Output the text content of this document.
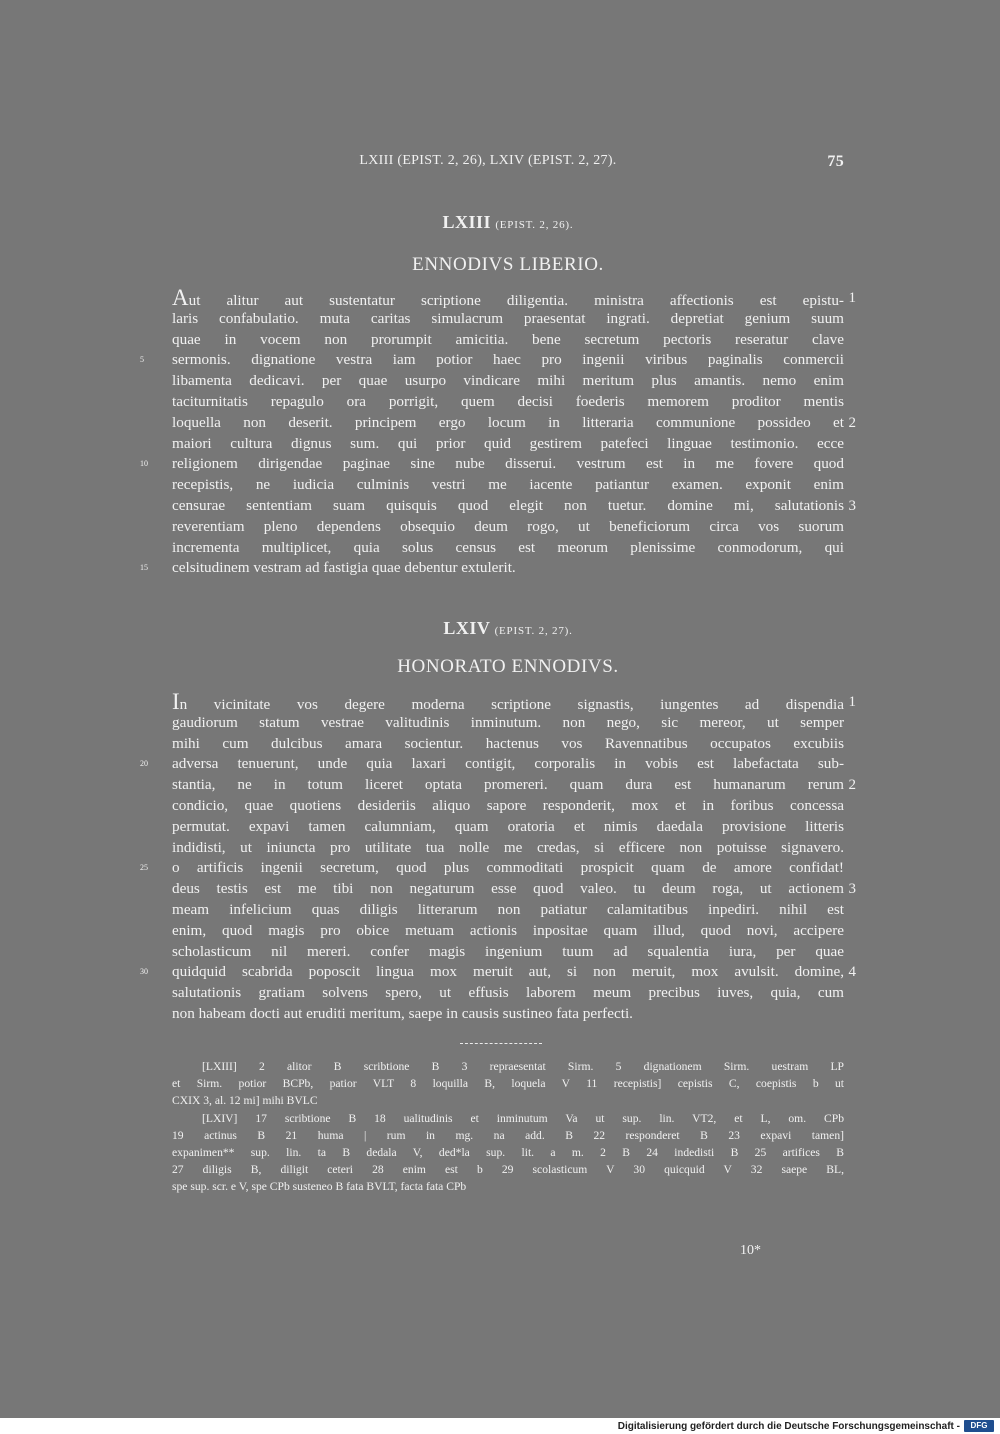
LXIII (EPIST. 2, 26), LXIV (EPIST. 2, 27).	75
LXIII (EPIST. 2, 26).
ENNODIVS LIBERIO.
Aut alitur aut sustentatur scriptione diligentia. ministra affectionis est epistu- 1
laris confabulatio. muta caritas simulacrum praesentat ingrati. depretiat genium suum
quae in vocem non prorumpit amicitia. bene secretum pectoris reseratur clave
sermonis. dignatione vestra iam potior haec pro ingenii viribus paginalis conmercii
5
libamenta dedicavi. per quae usurpo vindicare mihi meritum plus amantis. nemo enim
taciturnitatis repagulo ora porrigit, quem decisi foederis memorem proditor mentis
loquella non deserit. principem ergo locum in litteraria communione possideo et 2
maiori cultura dignus sum. qui prior quid gestirem patefeci linguae testimonio. ecce
religionem dirigendae paginae sine nube disserui. vestrum est in me fovere quod
10
recepistis, ne iudicia culminis vestri me iacente patiantur examen. exponit enim
censurae sententiam suam quisquis quod elegit non tuetur. domine mi, salutationis 3
reverentiam pleno dependens obsequio deum rogo, ut beneficiorum circa vos suorum
incrementa multiplicet, quia solus census est meorum plenissime conmodorum, qui
celsitudinem vestram ad fastigia quae debentur extulerit.
15
LXIV (EPIST. 2, 27).
HONORATO ENNODIVS.
In vicinitate vos degere moderna scriptione signastis, iungentes ad dispendia 1
gaudiorum statum vestrae valitudinis inminutum. non nego, sic mereor, ut semper
mihi cum dulcibus amara socientur. hactenus vos Ravennatibus occupatos excubiis
adversa tenuerunt, unde quia laxari contigit, corporalis in vobis est labefactata sub-
20
stantia, ne in totum liceret optata promereri. quam dura est humanarum rerum 2
condicio, quae quotiens desideriis aliquo sapore responderit, mox et in foribus concessa
permutat. expavi tamen calumniam, quam oratoria et nimis daedala provisione litteris
indidisti, ut iniuncta pro utilitate tua nolle me credas, si efficere non potuisse signavero.
o artificis ingenii secretum, quod plus commoditati prospicit quam de amore confidat!
25
deus testis est me tibi non negaturum esse quod valeo. tu deum roga, ut actionem 3
meam infelicium quas diligis litterarum non patiatur calamitatibus inpediri. nihil est
enim, quod magis pro obice metuam actionis inpositae quam illud, quod novi, accipere
scholasticum nil mereri. confer magis ingenium tuum ad squalentia iura, per quae
quidquid scabrida poposcit lingua mox meruit aut, si non meruit, mox avulsit. domine,
30	4
salutationis gratiam solvens spero, ut effusis laborem meum precibus iuves, quia, cum
non habeam docti aut eruditi meritum, saepe in causis sustineo fata perfecti.
[LXIII] 2 alitor B scribtione B 3 repraesentat Sirm. 5 dignationem Sirm. uestram LP
et Sirm. potior BCPb, patior VLT 8 loquilla B, loquela V 11 recepistis] cepistis C, coepistis b ut
CXIX 3, al. 12 mi] mihi BVLC
[LXIV] 17 scribtione B 18 ualitudinis et inminutum Va ut sup. lin. VT2, et L, om. CPb
19 actinus B 21 huma | rum in mg. na add. B 22 responderet B 23 expavi tamen]
expanimen** sup. lin. ta B dedala V, ded*la sup. lit. a m. 2 B 24 indedisti B 25 artifices B
27 diligis B, diligit ceteri 28 enim est b 29 scolasticum V 30 quicquid V 32 saepe BL,
spe sup. scr. e V, spe CPb susteneo B fata BVLT, facta fata CPb
10*
Digitalisierung gefördert durch die Deutsche Forschungsgemeinschaft -	DFG
